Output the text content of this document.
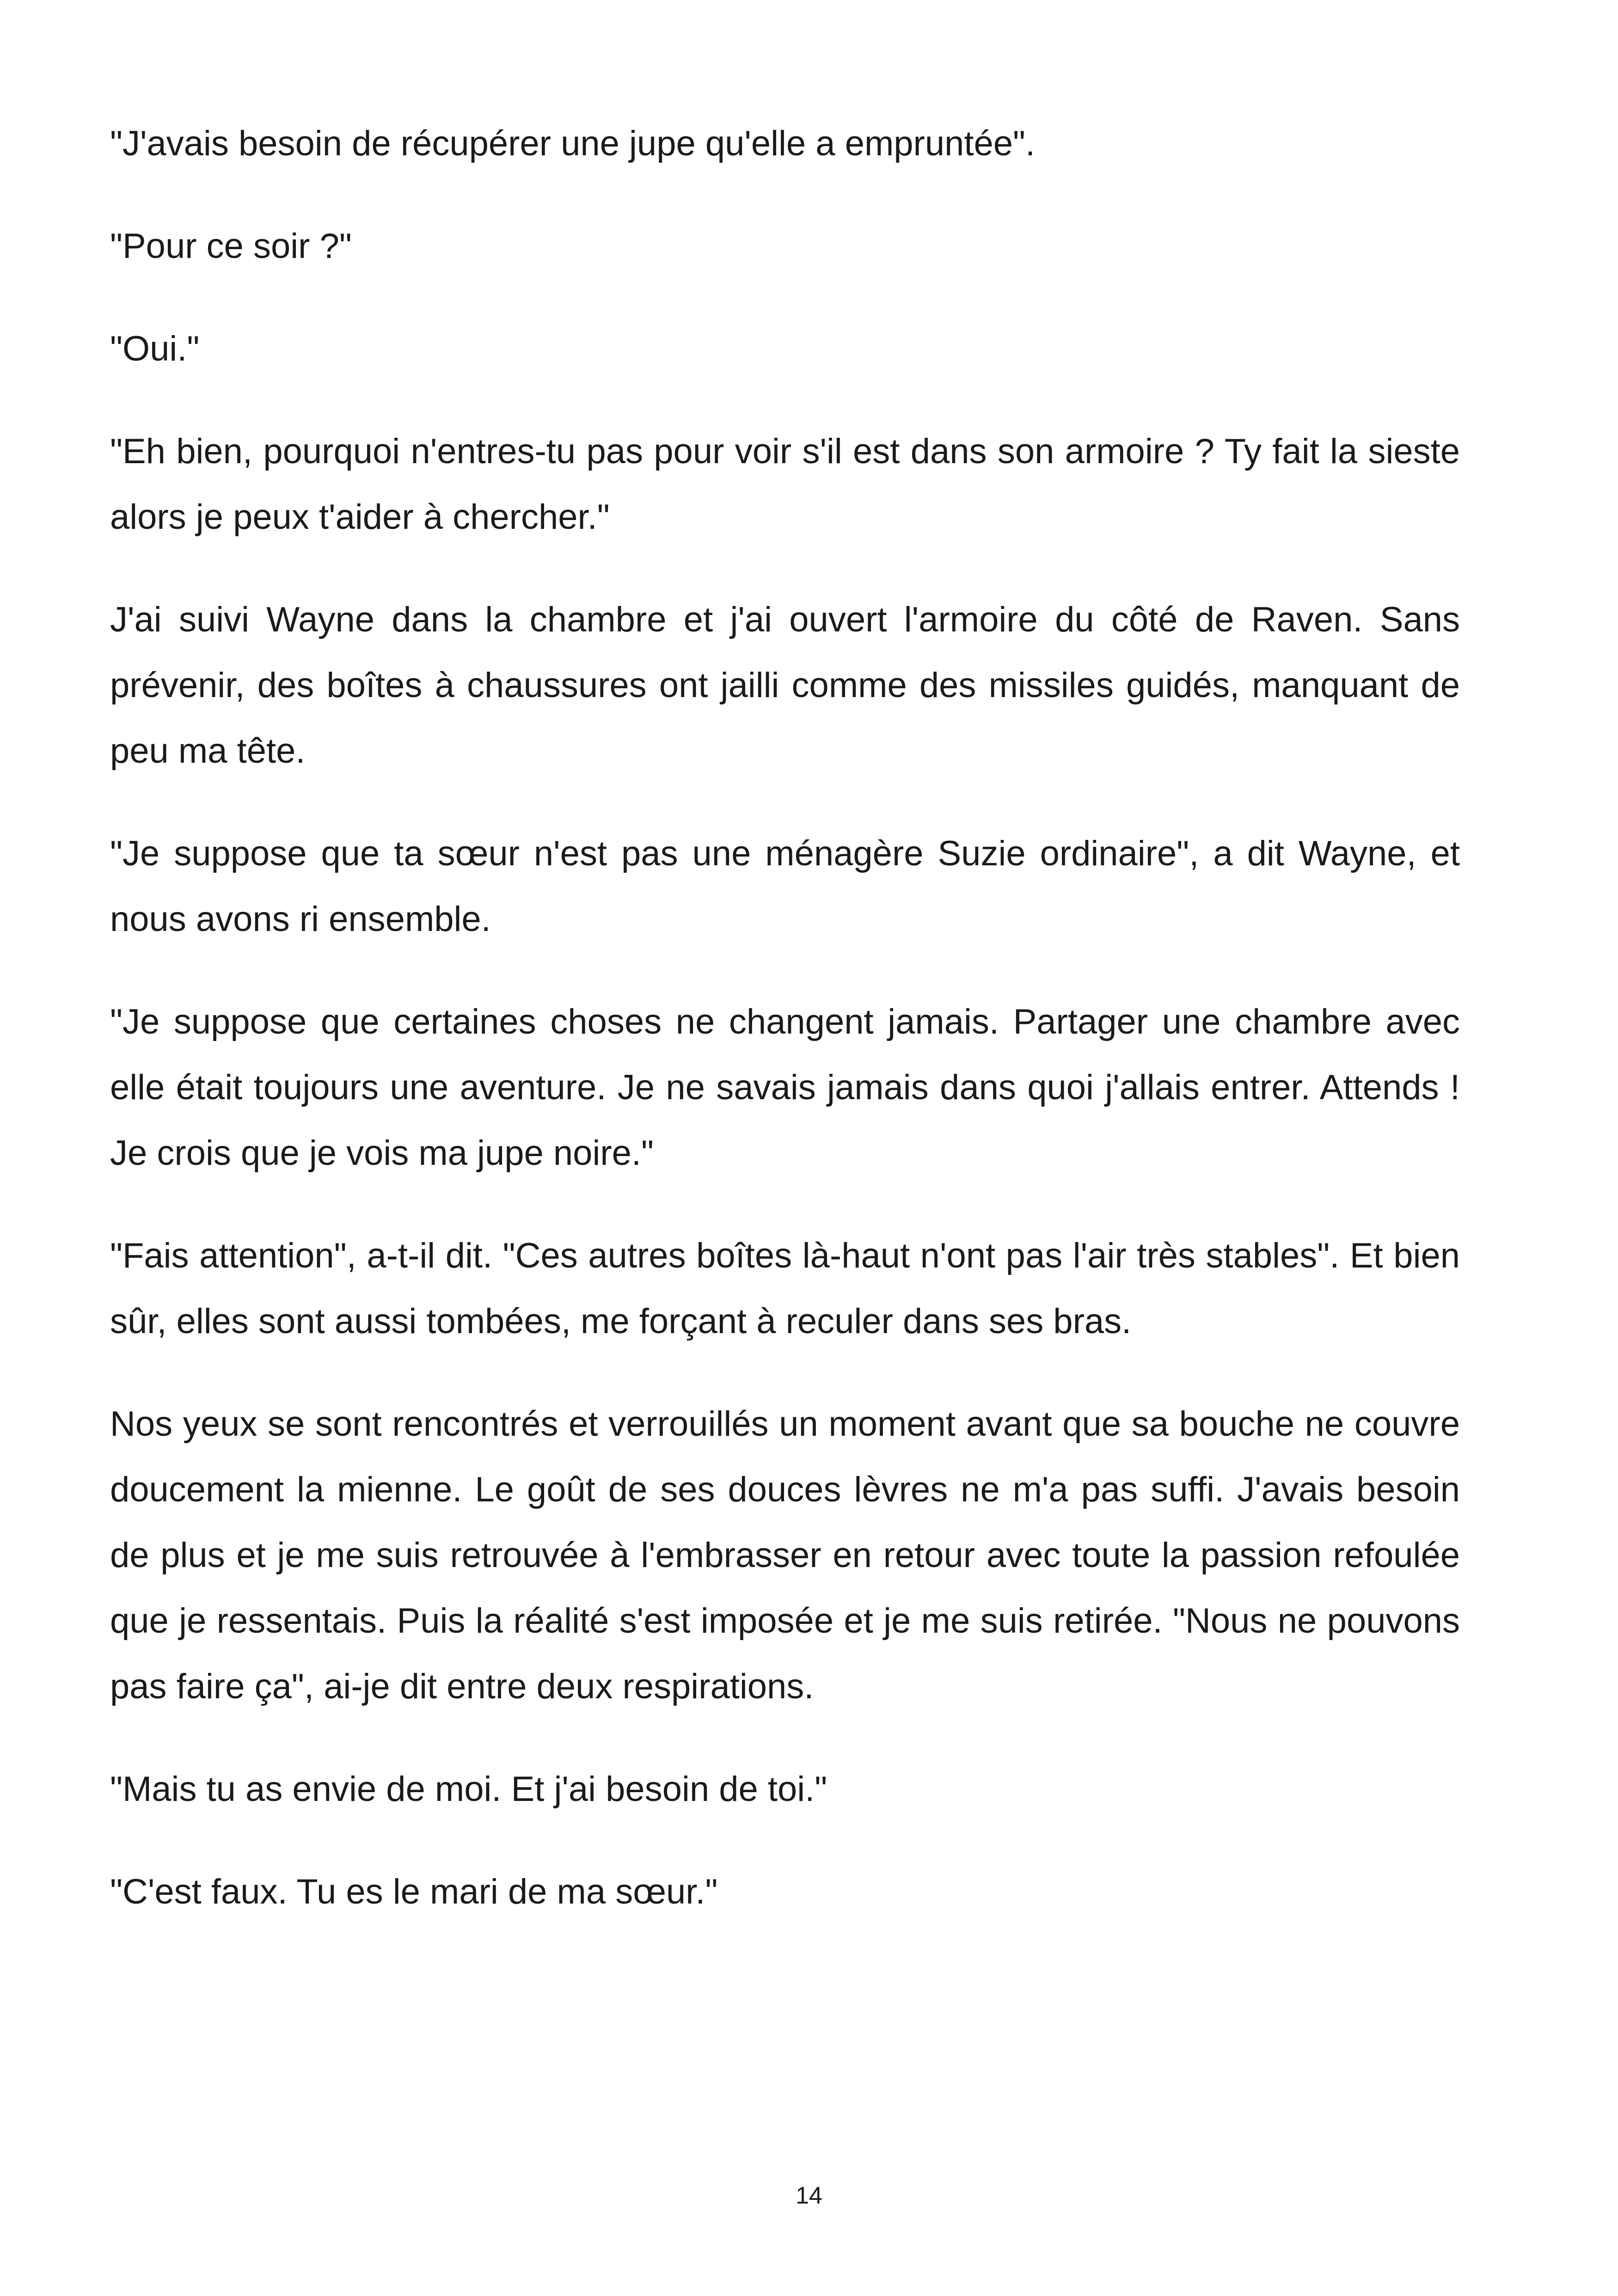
"J'avais besoin de récupérer une jupe qu'elle a empruntée".

"Pour ce soir ?"

"Oui."

"Eh bien, pourquoi n'entres-tu pas pour voir s'il est dans son armoire ? Ty fait la sieste alors je peux t'aider à chercher."

J'ai suivi Wayne dans la chambre et j'ai ouvert l'armoire du côté de Raven. Sans prévenir, des boîtes à chaussures ont jailli comme des missiles guidés, manquant de peu ma tête.

"Je suppose que ta sœur n'est pas une ménagère Suzie ordinaire", a dit Wayne, et nous avons ri ensemble.

"Je suppose que certaines choses ne changent jamais. Partager une chambre avec elle était toujours une aventure. Je ne savais jamais dans quoi j'allais entrer. Attends ! Je crois que je vois ma jupe noire."

"Fais attention", a-t-il dit. "Ces autres boîtes là-haut n'ont pas l'air très stables". Et bien sûr, elles sont aussi tombées, me forçant à reculer dans ses bras.

Nos yeux se sont rencontrés et verrouillés un moment avant que sa bouche ne couvre doucement la mienne. Le goût de ses douces lèvres ne m'a pas suffi. J'avais besoin de plus et je me suis retrouvée à l'embrasser en retour avec toute la passion refoulée que je ressentais. Puis la réalité s'est imposée et je me suis retirée. "Nous ne pouvons pas faire ça", ai-je dit entre deux respirations.

"Mais tu as envie de moi. Et j'ai besoin de toi."

"C'est faux. Tu es le mari de ma sœur."

14
